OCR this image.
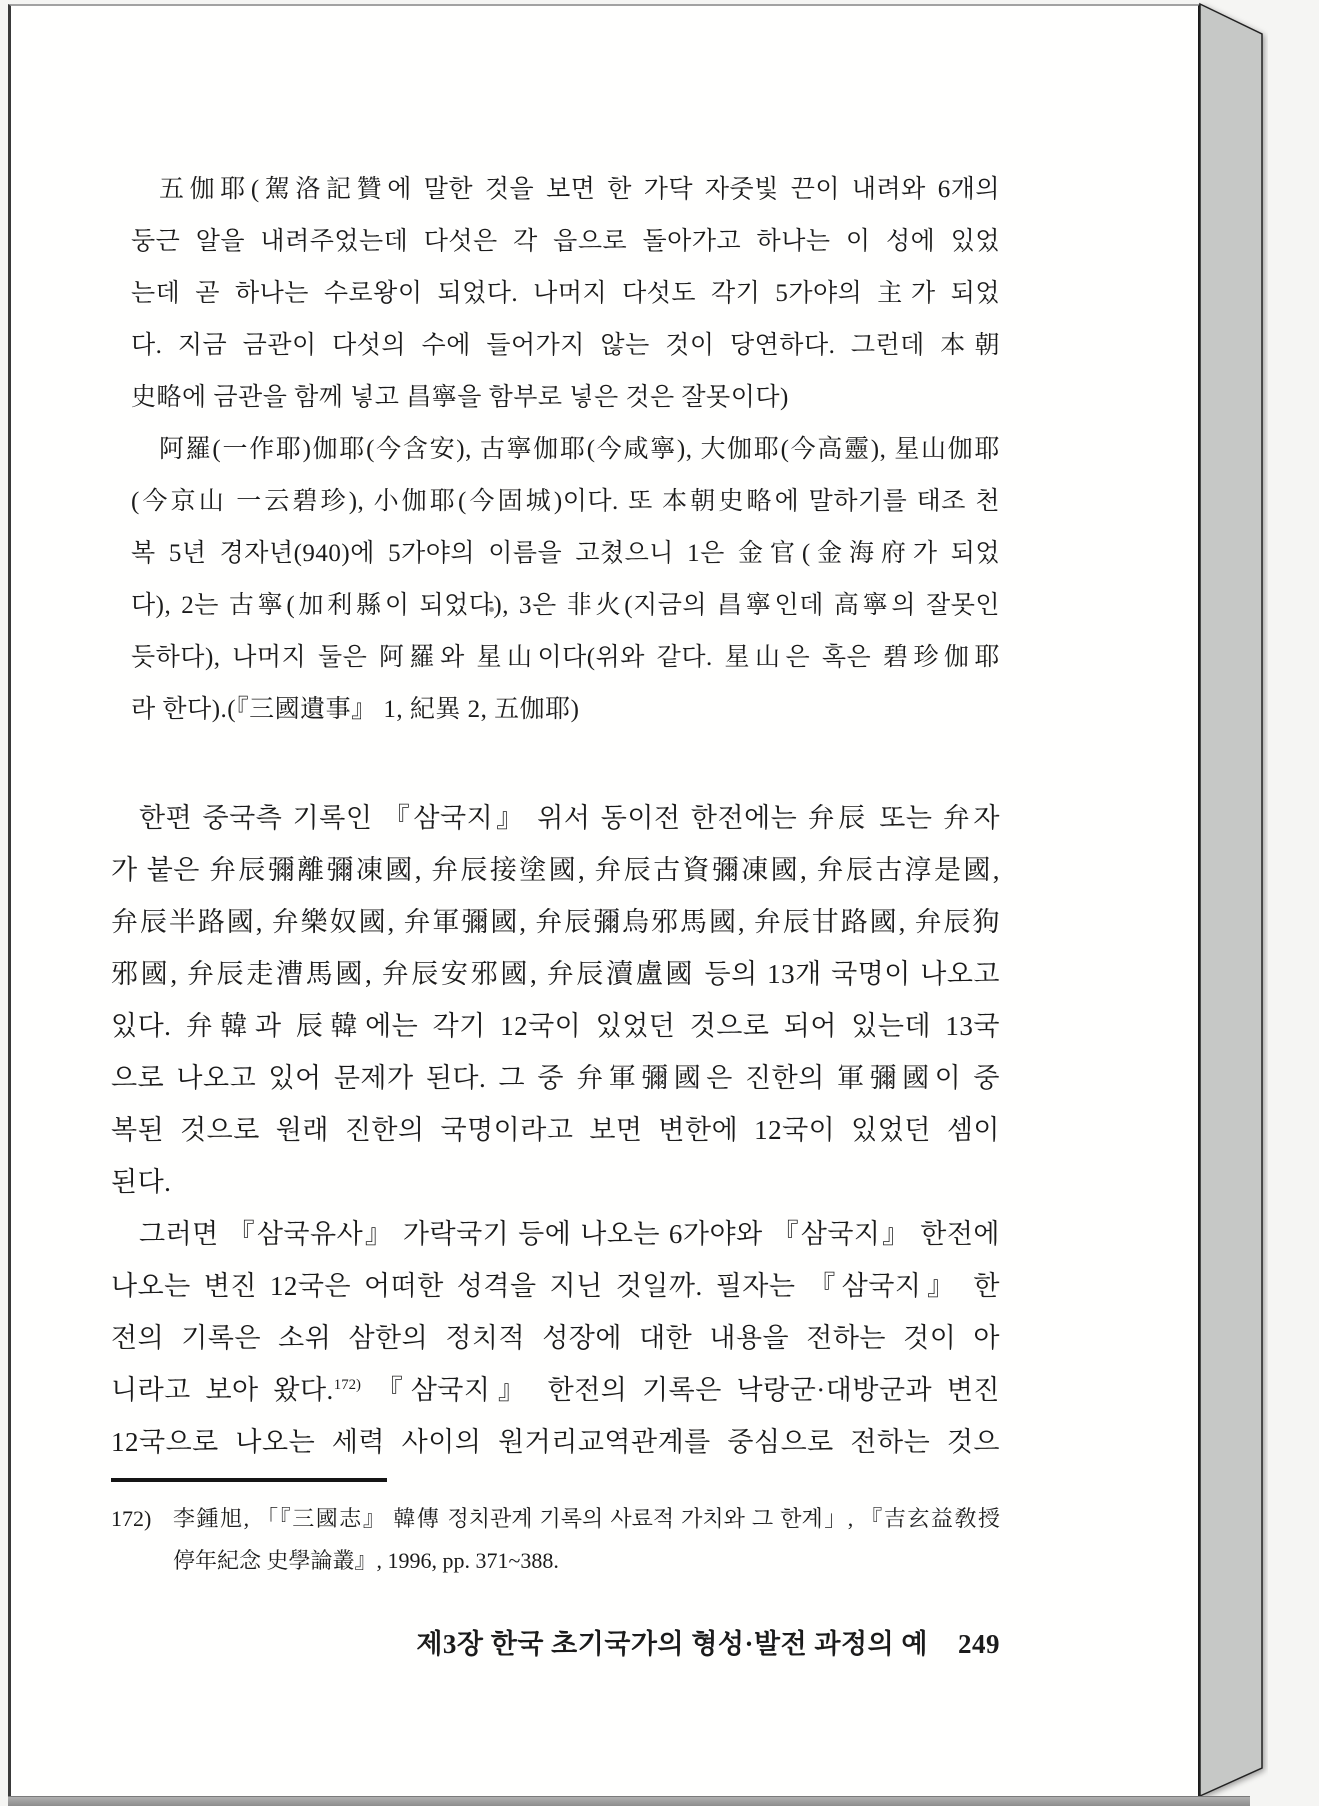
五伽耶(駕洛記贊에 말한 것을 보면 한 가닥 자줏빛 끈이 내려와 6개의
둥근 알을 내려주었는데 다섯은 각 읍으로 돌아가고 하나는 이 성에 있었
는데 곧 하나는 수로왕이 되었다. 나머지 다섯도 각기 5가야의 主가 되었
다. 지금 금관이 다섯의 수에 들어가지 않는 것이 당연하다. 그런데 本朝
史略에 금관을 함께 넣고 昌寧을 함부로 넣은 것은 잘못이다)
阿羅(一作耶)伽耶(今含安), 古寧伽耶(今咸寧), 大伽耶(今高靈), 星山伽耶
(今京山 一云碧珍), 小伽耶(今固城)이다. 또 本朝史略에 말하기를 태조 천
복 5년 경자년(940)에 5가야의 이름을 고쳤으니 1은 金官(金海府가 되었
다), 2는 古寧(加利縣이 되었다), 3은 非火(지금의 昌寧인데 高寧의 잘못인
듯하다), 나머지 둘은 阿羅와 星山이다(위와 같다. 星山은 혹은 碧珍伽耶
라 한다).(『三國遺事』 1, 紀異 2, 五伽耶)
한편 중국측 기록인 『삼국지』 위서 동이전 한전에는 弁辰 또는 弁자
가 붙은 弁辰彌離彌凍國, 弁辰接塗國, 弁辰古資彌凍國, 弁辰古淳是國,
弁辰半路國, 弁樂奴國, 弁軍彌國, 弁辰彌烏邪馬國, 弁辰甘路國, 弁辰狗
邪國, 弁辰走漕馬國, 弁辰安邪國, 弁辰瀆盧國 등의 13개 국명이 나오고
있다. 弁韓과 辰韓에는 각기 12국이 있었던 것으로 되어 있는데 13국
으로 나오고 있어 문제가 된다. 그 중 弁軍彌國은 진한의 軍彌國이 중
복된 것으로 원래 진한의 국명이라고 보면 변한에 12국이 있었던 셈이
된다.
그러면 『삼국유사』 가락국기 등에 나오는 6가야와 『삼국지』 한전에
나오는 변진 12국은 어떠한 성격을 지닌 것일까. 필자는 『삼국지』 한
전의 기록은 소위 삼한의 정치적 성장에 대한 내용을 전하는 것이 아
니라고 보아 왔다.$^{172)}$ 『삼국지』 한전의 기록은 낙랑군·대방군과 변진
12국으로 나오는 세력 사이의 원거리교역관계를 중심으로 전하는 것으
172) 李鍾旭, 「『三國志』 韓傳 정치관계 기록의 사료적 가치와 그 한계」, 『吉玄益敎授
停年紀念 史學論叢』, 1996, pp. 371~388.
제3장 한국 초기국가의 형성·발전 과정의 예 249
